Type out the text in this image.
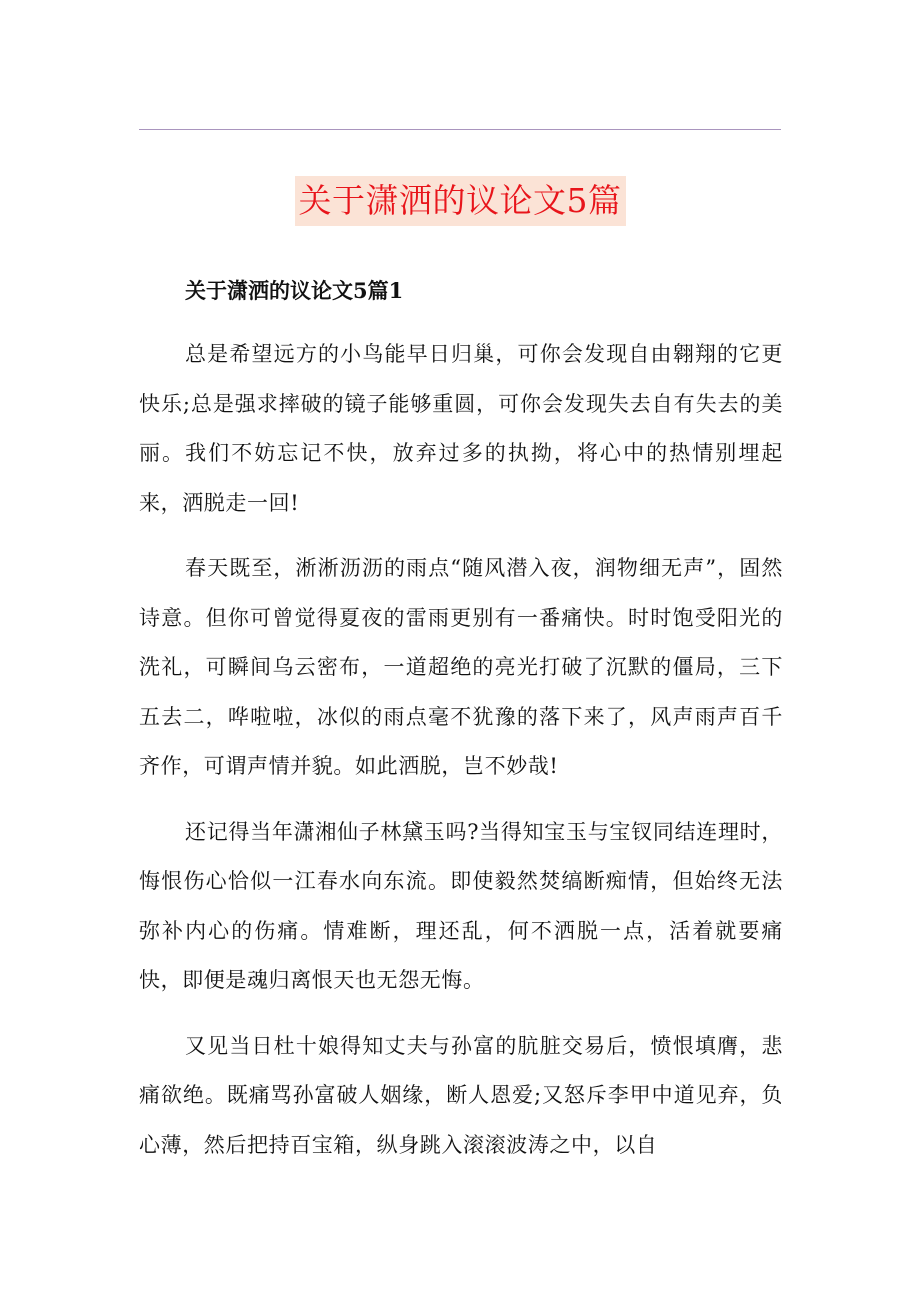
关于潇洒的议论文5篇
关于潇洒的议论文5篇1

总是希望远方的小鸟能早日归巢，可你会发现自由翱翔的它更快乐;总是强求摔破的镜子能够重圆，可你会发现失去自有失去的美丽。我们不妨忘记不快，放弃过多的执拗，将心中的热情别埋起来，洒脱走一回!

春天既至，淅淅沥沥的雨点“随风潜入夜，润物细无声”，固然诗意。但你可曾觉得夏夜的雷雨更别有一番痛快。时时饱受阳光的洗礼，可瞬间乌云密布，一道超绝的亮光打破了沉默的僵局，三下五去二，哗啦啦，冰似的雨点毫不犹豫的落下来了，风声雨声百千齐作，可谓声情并貌。如此洒脱，岂不妙哉!

还记得当年潇湘仙子林黛玉吗?当得知宝玉与宝钗同结连理时，悔恨伤心恰似一江春水向东流。即使毅然焚缟断痴情，但始终无法弥补内心的伤痛。情难断，理还乱，何不洒脱一点，活着就要痛快，即便是魂归离恨天也无怨无悔。

又见当日杜十娘得知丈夫与孙富的肮脏交易后，愤恨填膺，悲痛欲绝。既痛骂孙富破人姻缘，断人恩爱;又怒斥李甲中道见弃，负心薄，然后把持百宝箱，纵身跳入滚滚波涛之中，以自
